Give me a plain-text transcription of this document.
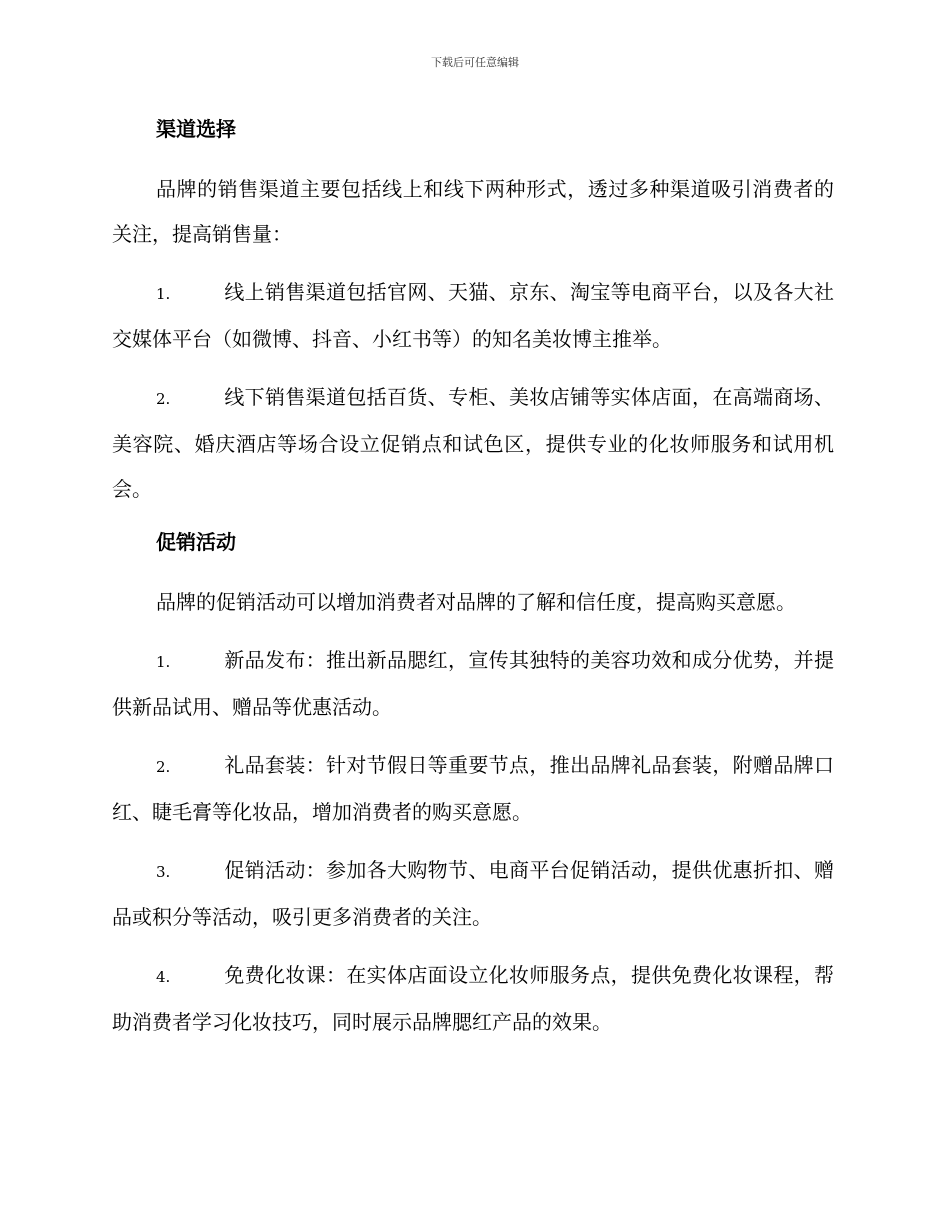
下载后可任意编辑
渠道选择
品牌的销售渠道主要包括线上和线下两种形式，透过多种渠道吸引消费者的关注，提高销售量：
1.	线上销售渠道包括官网、天猫、京东、淘宝等电商平台，以及各大社交媒体平台（如微博、抖音、小红书等）的知名美妆博主推举。
2.	线下销售渠道包括百货、专柜、美妆店铺等实体店面，在高端商场、美容院、婚庆酒店等场合设立促销点和试色区，提供专业的化妆师服务和试用机会。
促销活动
品牌的促销活动可以增加消费者对品牌的了解和信任度，提高购买意愿。
1.	新品发布：推出新品腮红，宣传其独特的美容功效和成分优势，并提供新品试用、赠品等优惠活动。
2.	礼品套装：针对节假日等重要节点，推出品牌礼品套装，附赠品牌口红、睫毛膏等化妆品，增加消费者的购买意愿。
3.	促销活动：参加各大购物节、电商平台促销活动，提供优惠折扣、赠品或积分等活动，吸引更多消费者的关注。
4.	免费化妆课：在实体店面设立化妆师服务点，提供免费化妆课程，帮助消费者学习化妆技巧，同时展示品牌腮红产品的效果。
